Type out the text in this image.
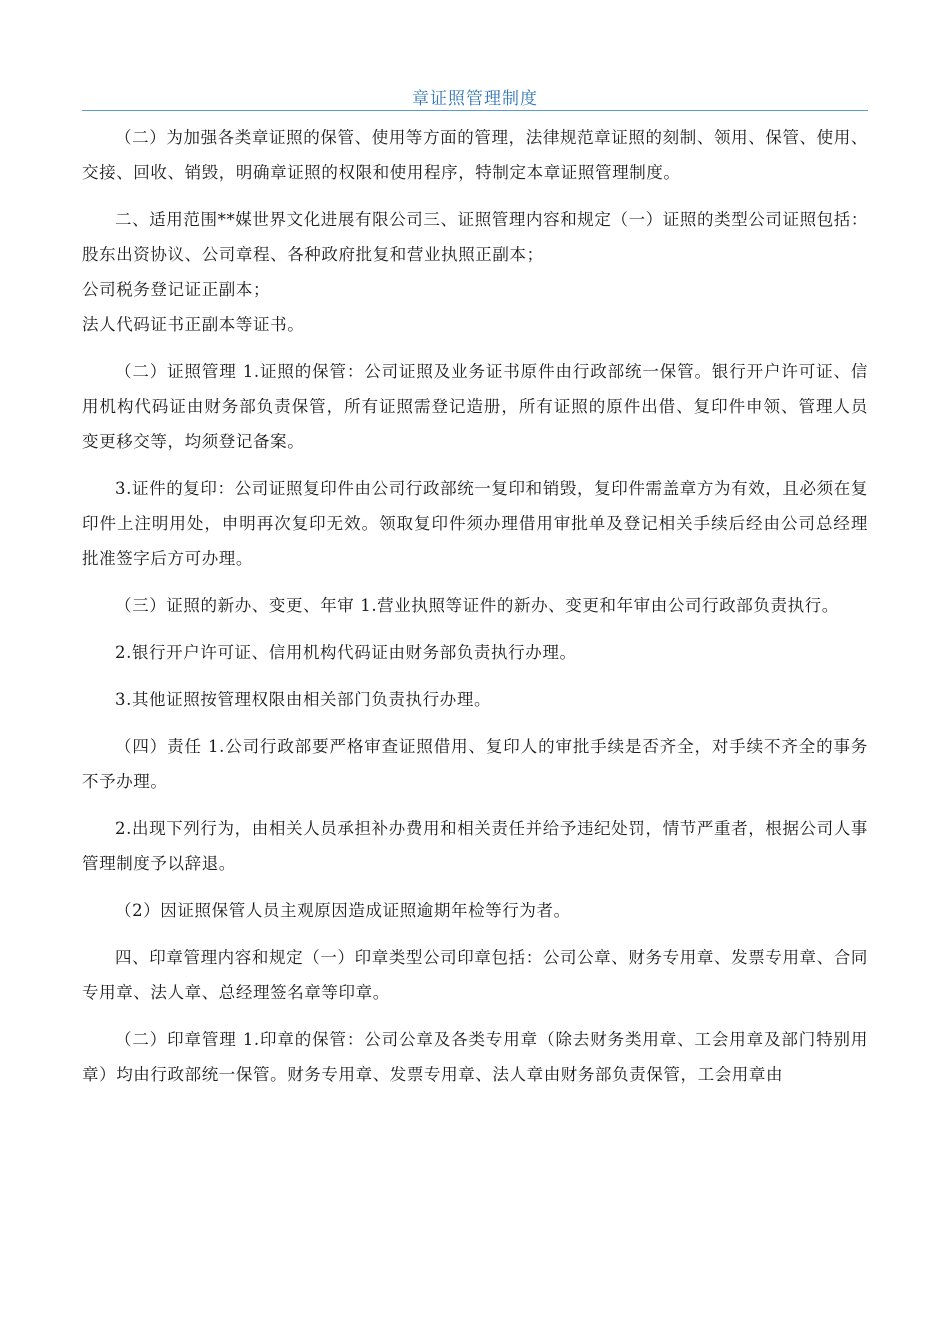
章证照管理制度

（二）为加强各类章证照的保管、使用等方面的管理，法律规范章证照的刻制、领用、保管、使用、交接、回收、销毁，明确章证照的权限和使用程序，特制定本章证照管理制度。

二、适用范围**媒世界文化进展有限公司三、证照管理内容和规定（一）证照的类型公司证照包括：股东出资协议、公司章程、各种政府批复和营业执照正副本；

公司税务登记证正副本；

法人代码证书正副本等证书。

（二）证照管理 1.证照的保管：公司证照及业务证书原件由行政部统一保管。银行开户许可证、信用机构代码证由财务部负责保管，所有证照需登记造册，所有证照的原件出借、复印件申领、管理人员变更移交等，均须登记备案。

3.证件的复印：公司证照复印件由公司行政部统一复印和销毁，复印件需盖章方为有效，且必须在复印件上注明用处，申明再次复印无效。领取复印件须办理借用审批单及登记相关手续后经由公司总经理批准签字后方可办理。

（三）证照的新办、变更、年审 1.营业执照等证件的新办、变更和年审由公司行政部负责执行。

2.银行开户许可证、信用机构代码证由财务部负责执行办理。

3.其他证照按管理权限由相关部门负责执行办理。

（四）责任 1.公司行政部要严格审查证照借用、复印人的审批手续是否齐全，对手续不齐全的事务不予办理。

2.出现下列行为，由相关人员承担补办费用和相关责任并给予违纪处罚，情节严重者，根据公司人事管理制度予以辞退。

（2）因证照保管人员主观原因造成证照逾期年检等行为者。

四、印章管理内容和规定（一）印章类型公司印章包括：公司公章、财务专用章、发票专用章、合同专用章、法人章、总经理签名章等印章。

（二）印章管理 1.印章的保管：公司公章及各类专用章（除去财务类用章、工会用章及部门特别用章）均由行政部统一保管。财务专用章、发票专用章、法人章由财务部负责保管，工会用章由
